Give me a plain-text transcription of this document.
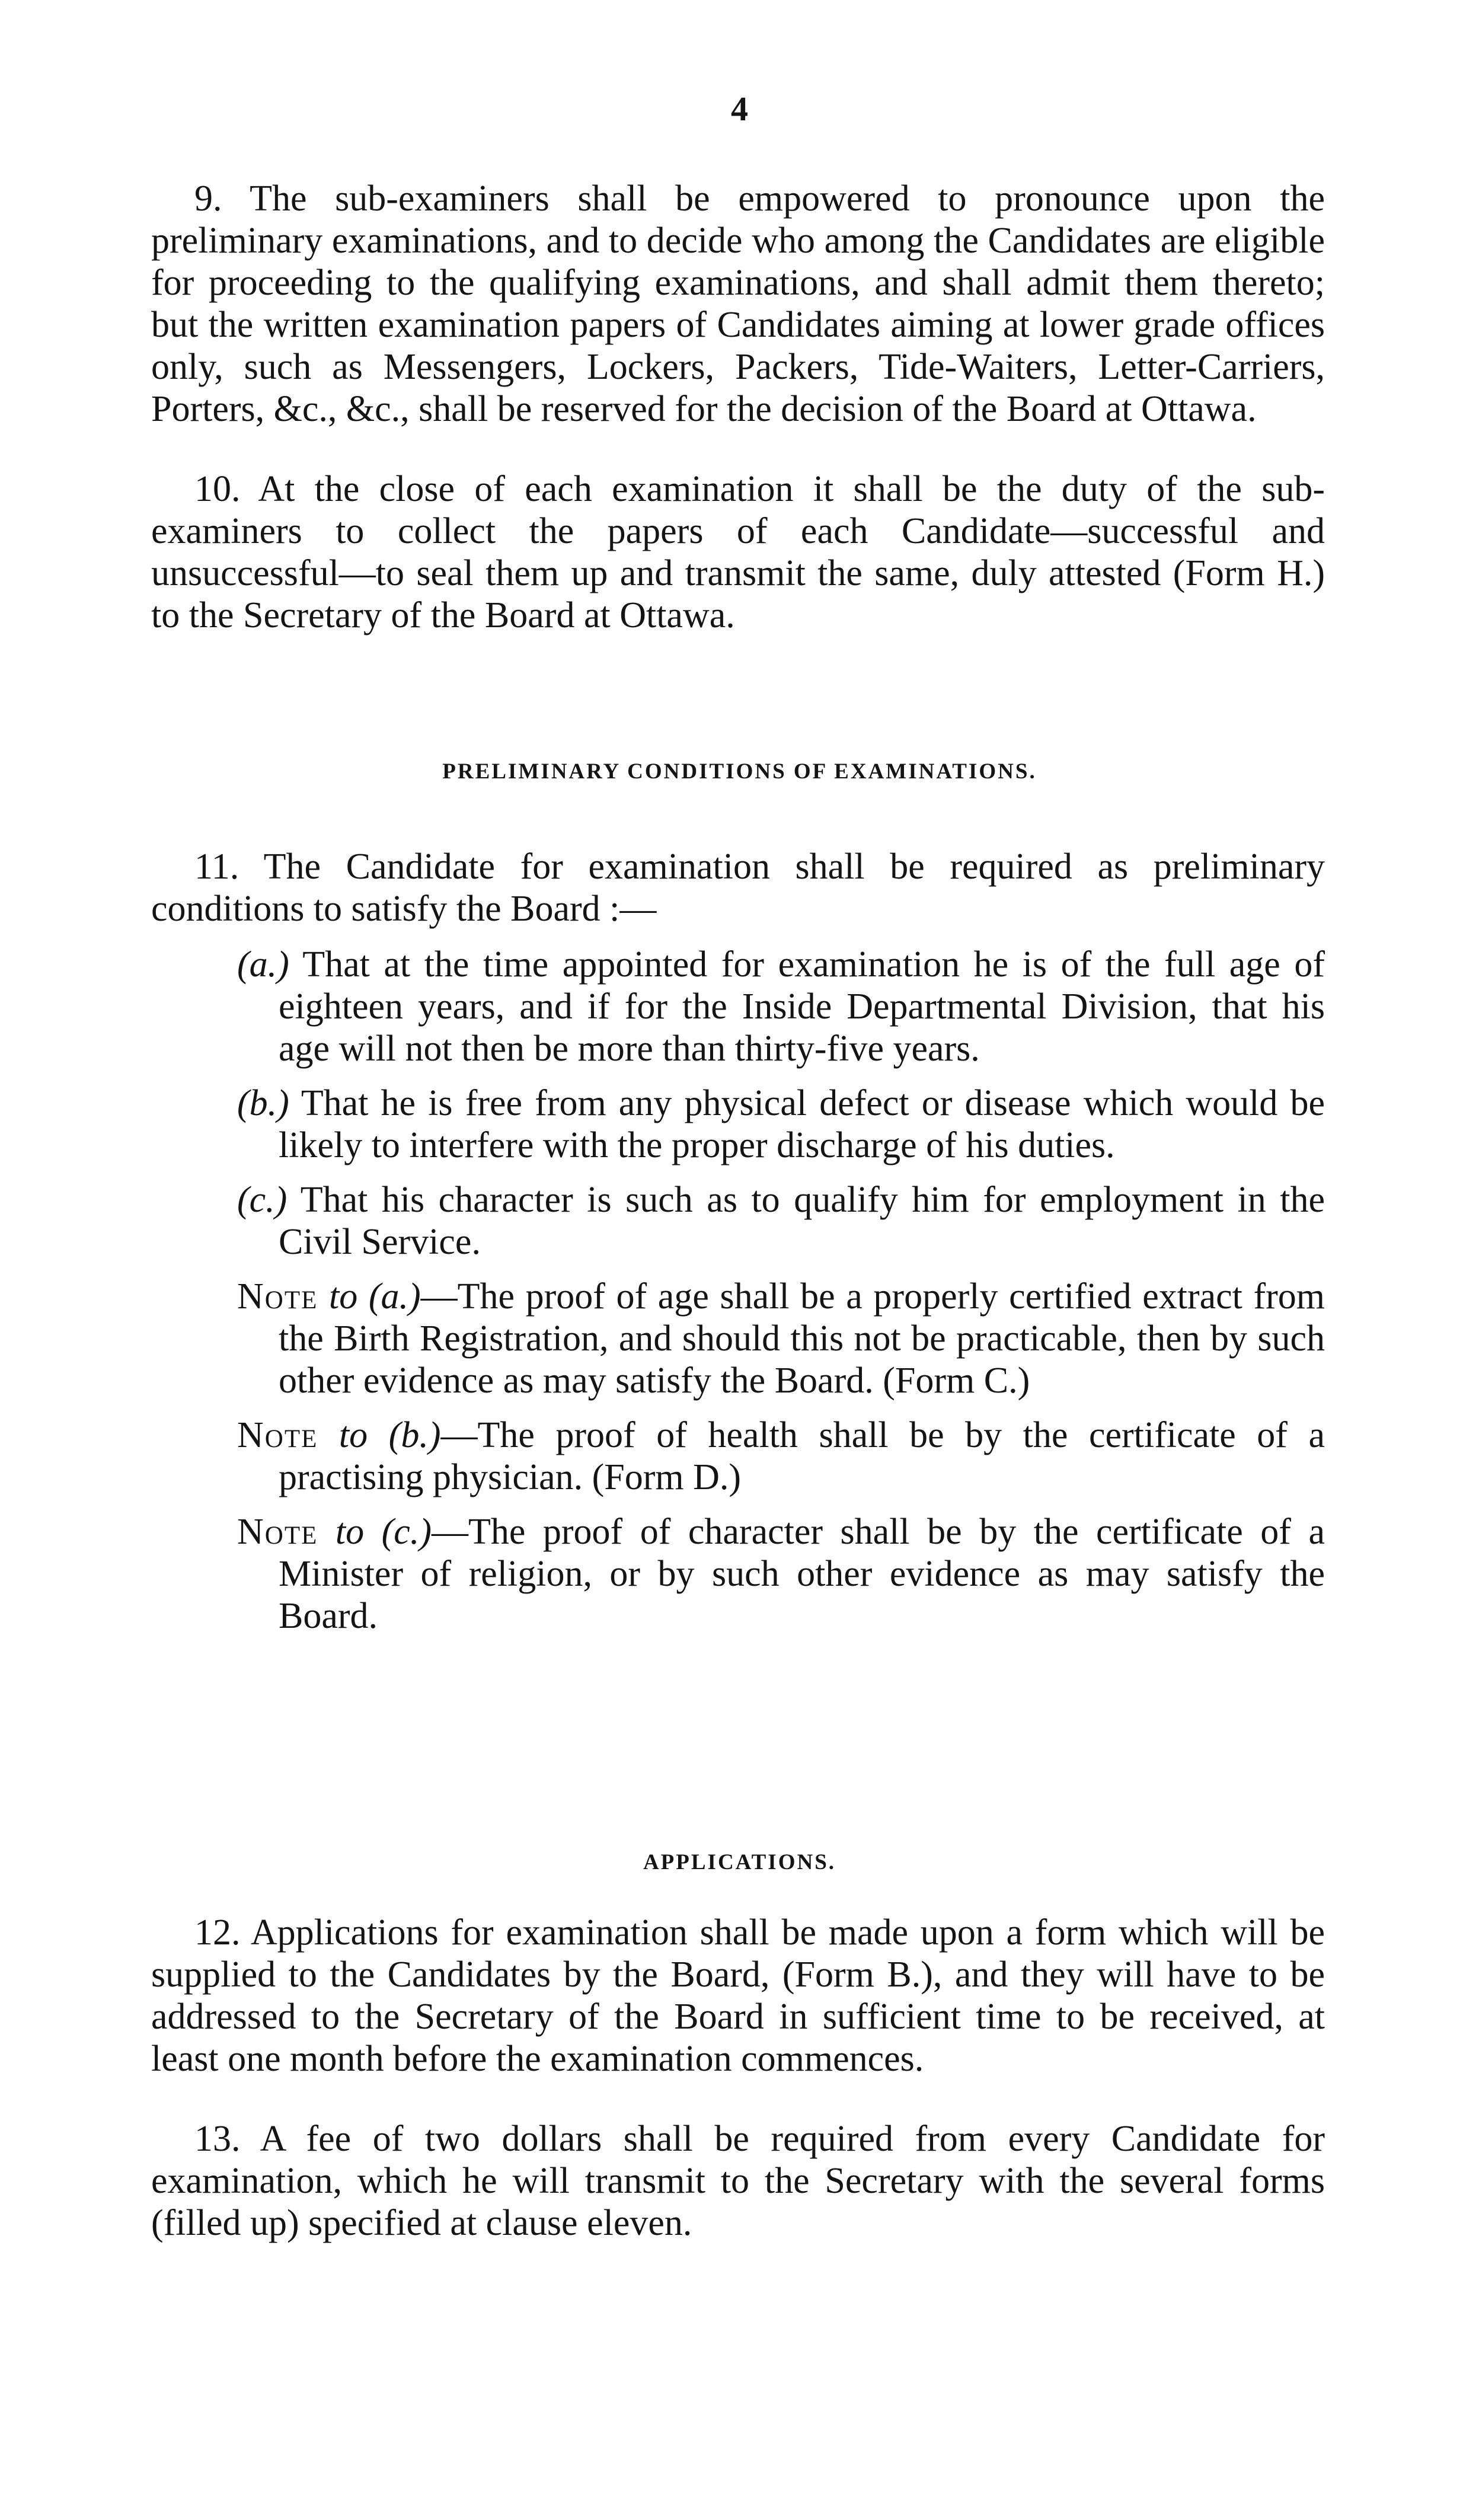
4

9. The sub-examiners shall be empowered to pronounce upon the preliminary examinations, and to decide who among the Candidates are eligible for proceeding to the qualifying examinations, and shall admit them thereto; but the written examination papers of Candidates aiming at lower grade offices only, such as Messengers, Lockers, Packers, Tide-Waiters, Letter-Carriers, Porters, &c., &c., shall be reserved for the decision of the Board at Ottawa.

10. At the close of each examination it shall be the duty of the sub-examiners to collect the papers of each Candidate—successful and unsuccessful—to seal them up and transmit the same, duly attested (Form H.) to the Secretary of the Board at Ottawa.

PRELIMINARY CONDITIONS OF EXAMINATIONS.

11. The Candidate for examination shall be required as preliminary conditions to satisfy the Board :—

(a.) That at the time appointed for examination he is of the full age of eighteen years, and if for the Inside Departmental Division, that his age will not then be more than thirty-five years.

(b.) That he is free from any physical defect or disease which would be likely to interfere with the proper discharge of his duties.

(c.) That his character is such as to qualify him for employment in the Civil Service.

Note to (a.)—The proof of age shall be a properly certified extract from the Birth Registration, and should this not be practicable, then by such other evidence as may satisfy the Board. (Form C.)

Note to (b.)—The proof of health shall be by the certificate of a practising physician. (Form D.)

Note to (c.)—The proof of character shall be by the certificate of a Minister of religion, or by such other evidence as may satisfy the Board.

APPLICATIONS.

12. Applications for examination shall be made upon a form which will be supplied to the Candidates by the Board, (Form B.), and they will have to be addressed to the Secretary of the Board in sufficient time to be received, at least one month before the examination commences.

13. A fee of two dollars shall be required from every Candidate for examination, which he will transmit to the Secretary with the several forms (filled up) specified at clause eleven.
